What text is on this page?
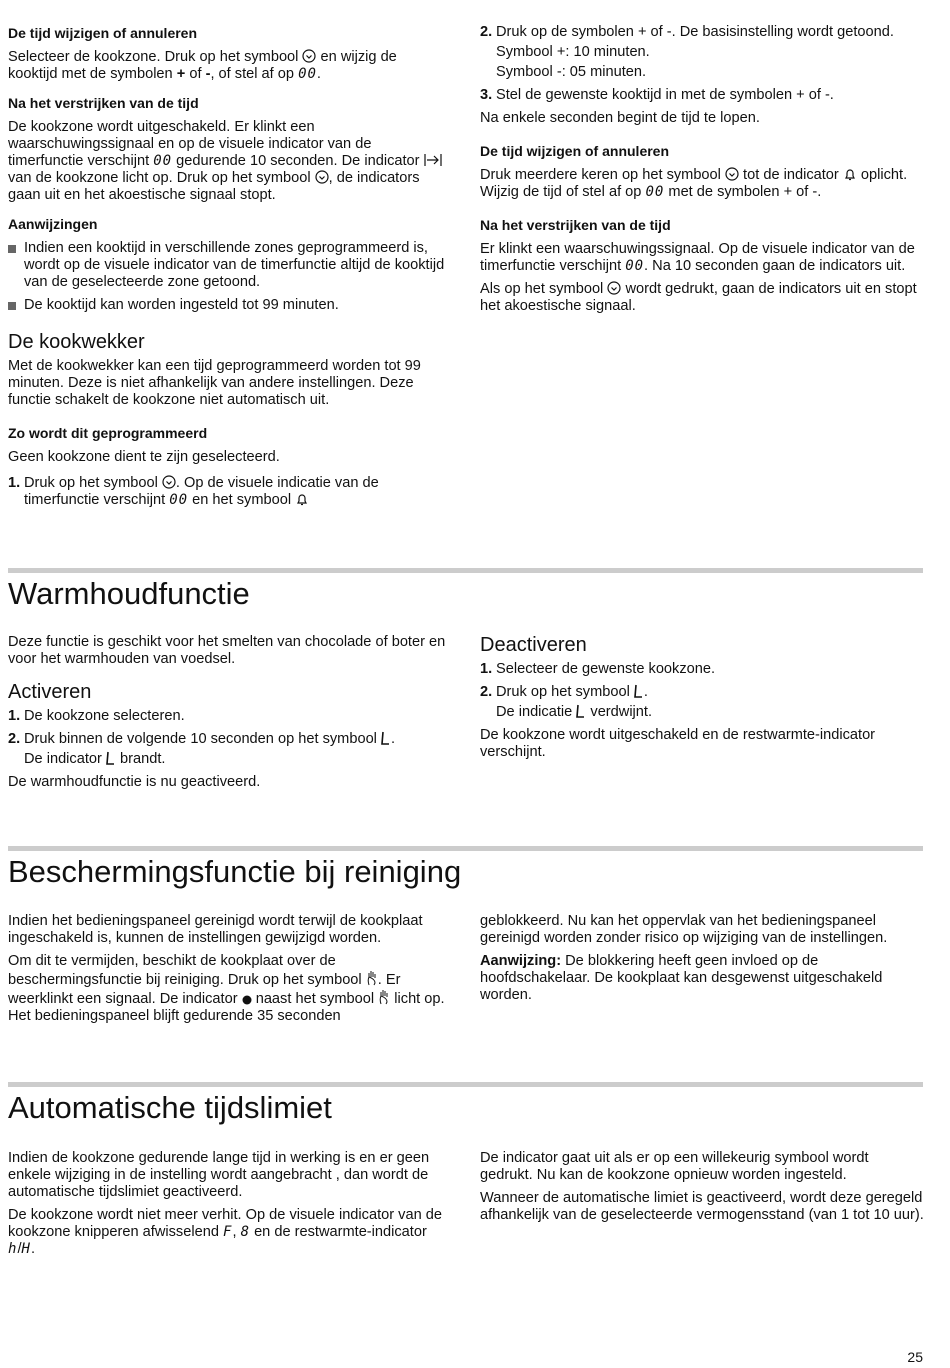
De tijd wijzigen of annuleren

Selecteer de kookzone. Druk op het symbool en wijzig de kooktijd met de symbolen + of -, of stel af op 00.

Na het verstrijken van de tijd

De kookzone wordt uitgeschakeld. Er klinkt een waarschuwingssignaal en op de visuele indicator van de timerfunctie verschijnt 00 gedurende 10 seconden. De indicator  van de kookzone licht op. Druk op het symbool , de indicators gaan uit en het akoestische signaal stopt.

Aanwijzingen
Indien een kooktijd in verschillende zones geprogrammeerd is, wordt op de visuele indicator van de timerfunctie altijd de kooktijd van de geselecteerde zone getoond.
De kooktijd kan worden ingesteld tot 99 minuten.
De kookwekker

Met de kookwekker kan een tijd geprogrammeerd worden tot 99 minuten. Deze is niet afhankelijk van andere instellingen. Deze functie schakelt de kookzone niet automatisch uit.

Zo wordt dit geprogrammeerd

Geen kookzone dient te zijn geselecteerd.

1. Druk op het symbool . Op de visuele indicatie van de timerfunctie verschijnt 00 en het symbool
2. Druk op de symbolen + of -. De basisinstelling wordt getoond.
Symbool +: 10 minuten.
Symbool -: 05 minuten.
3. Stel de gewenste kooktijd in met de symbolen + of -.

Na enkele seconden begint de tijd te lopen.

De tijd wijzigen of annuleren

Druk meerdere keren op het symbool tot de indicator oplicht. Wijzig de tijd of stel af op 00 met de symbolen + of -.

Na het verstrijken van de tijd

Er klinkt een waarschuwingssignaal. Op de visuele indicator van de timerfunctie verschijnt 00. Na 10 seconden gaan de indicators uit.

Als op het symbool wordt gedrukt, gaan de indicators uit en stopt het akoestische signaal.

Warmhoudfunctie

Deze functie is geschikt voor het smelten van chocolade of boter en voor het warmhouden van voedsel.

Activeren
1. De kookzone selecteren.
2. Druk binnen de volgende 10 seconden op het symbool .
De indicator brandt.

De warmhoudfunctie is nu geactiveerd.

Deactiveren
1. Selecteer de gewenste kookzone.
2. Druk op het symbool .
De indicatie verdwijnt.

De kookzone wordt uitgeschakeld en de restwarmte-indicator verschijnt.

Beschermingsfunctie bij reiniging

Indien het bedieningspaneel gereinigd wordt terwijl de kookplaat ingeschakeld is, kunnen de instellingen gewijzigd worden.

Om dit te vermijden, beschikt de kookplaat over de beschermingsfunctie bij reiniging. Druk op het symbool . Er weerklinkt een signaal. De indicator naast het symbool licht op. Het bedieningspaneel blijft gedurende 35 seconden

geblokkeerd. Nu kan het oppervlak van het bedieningspaneel gereinigd worden zonder risico op wijziging van de instellingen.

Aanwijzing: De blokkering heeft geen invloed op de hoofdschakelaar. De kookplaat kan desgewenst uitgeschakeld worden.

Automatische tijdslimiet

Indien de kookzone gedurende lange tijd in werking is en er geen enkele wijziging in de instelling wordt aangebracht , dan wordt de automatische tijdslimiet geactiveerd.

De kookzone wordt niet meer verhit. Op de visuele indicator van de kookzone knipperen afwisselend F, 8 en de restwarmte-indicator h/H.

De indicator gaat uit als er op een willekeurig symbool wordt gedrukt. Nu kan de kookzone opnieuw worden ingesteld.

Wanneer de automatische limiet is geactiveerd, wordt deze geregeld afhankelijk van de geselecteerde vermogensstand (van 1 tot 10 uur).

25
